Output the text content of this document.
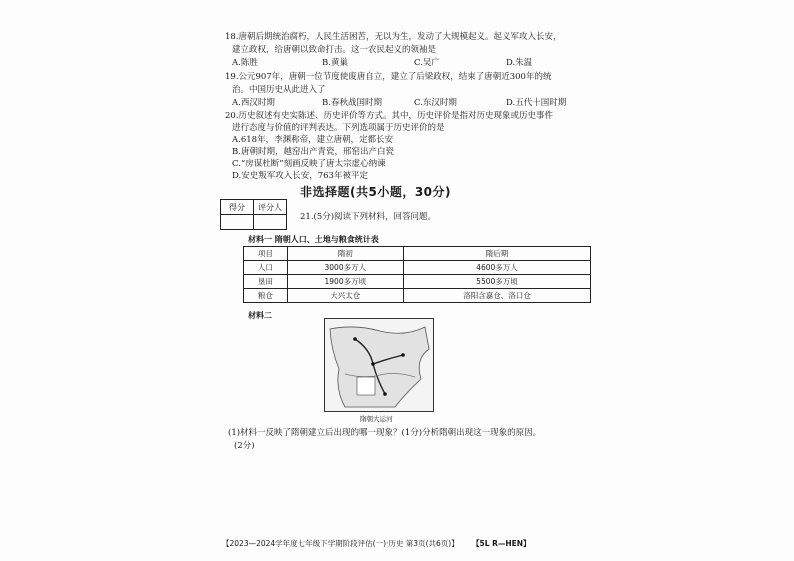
18.唐朝后期统治腐朽，人民生活困苦，无以为生，发动了大规模起义。起义军攻入长安，
建立政权，给唐朝以致命打击。这一农民起义的领袖是
A.陈胜	B.黄巢	C.吴广	D.朱温
19.公元907年，唐朝一位节度使废唐自立，建立了后梁政权，结束了唐朝近300年的统
治。中国历史从此进入了
A.西汉时期	B.春秋战国时期	C.东汉时期	D.五代十国时期
20.历史叙述有史实陈述、历史评价等方式。其中，历史评价是指对历史现象或历史事件
进行态度与价值的评判表达。下列选项属于历史评价的是
A.618年，李渊称帝，建立唐朝，定都长安
B.唐朝时期，越窑出产青瓷，邢窑出产白瓷
C.“房谋杜断”刻画反映了唐太宗虚心纳谏
D.安史叛军攻入长安，763年被平定
非选择题(共5小题，30分)
得分	评分人

21.(5分)阅读下列材料，回答问题。
材料一 隋朝人口、土地与粮食统计表
项目	隋初	隋后期
人口	3000多万人	4600多万人
垦田	1900多万顷	5500多万顷
粮仓	大兴太仓	洛阳含嘉仓、洛口仓
材料二
隋朝大运河
(1)材料一反映了隋朝建立后出现的哪一现象？(1分)分析隋朝出现这一现象的原因。
(2分)
【2023—2024学年度七年级下学期阶段评估(一)·历史 第3页(共6页)】 【5L R—HEN】
